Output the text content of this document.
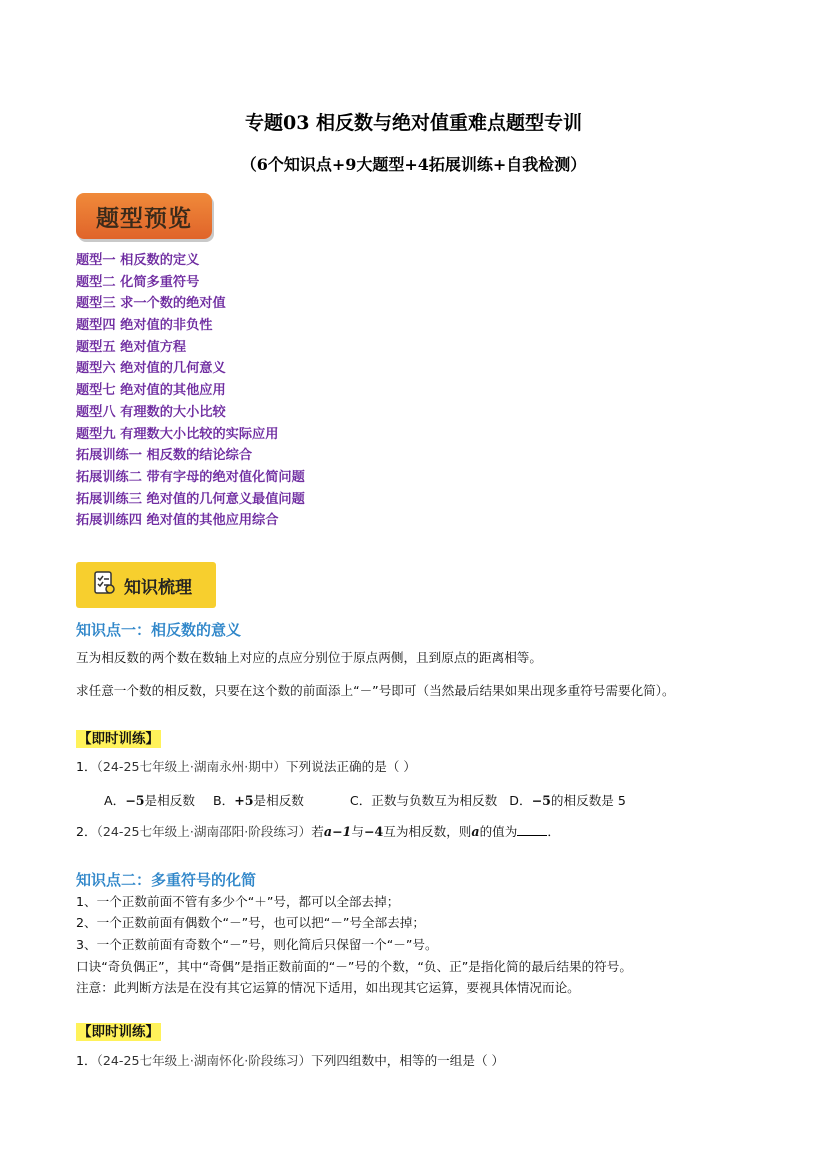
专题03 相反数与绝对值重难点题型专训
（6个知识点+9大题型+4拓展训练+自我检测）
题型预览
题型一 相反数的定义
题型二 化简多重符号
题型三 求一个数的绝对值
题型四 绝对值的非负性
题型五 绝对值方程
题型六 绝对值的几何意义
题型七 绝对值的其他应用
题型八 有理数的大小比较
题型九 有理数大小比较的实际应用
拓展训练一 相反数的结论综合
拓展训练二 带有字母的绝对值化简问题
拓展训练三 绝对值的几何意义最值问题
拓展训练四 绝对值的其他应用综合
知识梳理
知识点一：相反数的意义
互为相反数的两个数在数轴上对应的点应分别位于原点两侧，且到原点的距离相等。
求任意一个数的相反数，只要在这个数的前面添上“－”号即可（当然最后结果如果出现多重符号需要化简）。
【即时训练】
1．（24-25七年级上·湖南永州·期中）下列说法正确的是（ ）
A．−5是相反数 B．+5是相反数	C．正数与负数互为相反数 D．−5的相反数是 5
2．（24-25七年级上·湖南邵阳·阶段练习）若a−1与−4互为相反数，则a的值为 ．
知识点二：多重符号的化简
1、一个正数前面不管有多少个“＋”号，都可以全部去掉；
2、一个正数前面有偶数个“－”号，也可以把“－”号全部去掉；
3、一个正数前面有奇数个“－”号，则化简后只保留一个“－”号。
口诀“奇负偶正”，其中“奇偶”是指正数前面的“－”号的个数，“负、正”是指化简的最后结果的符号。
注意：此判断方法是在没有其它运算的情况下适用，如出现其它运算，要视具体情况而论。
【即时训练】
1．（24-25七年级上·湖南怀化·阶段练习）下列四组数中，相等的一组是（ ）
